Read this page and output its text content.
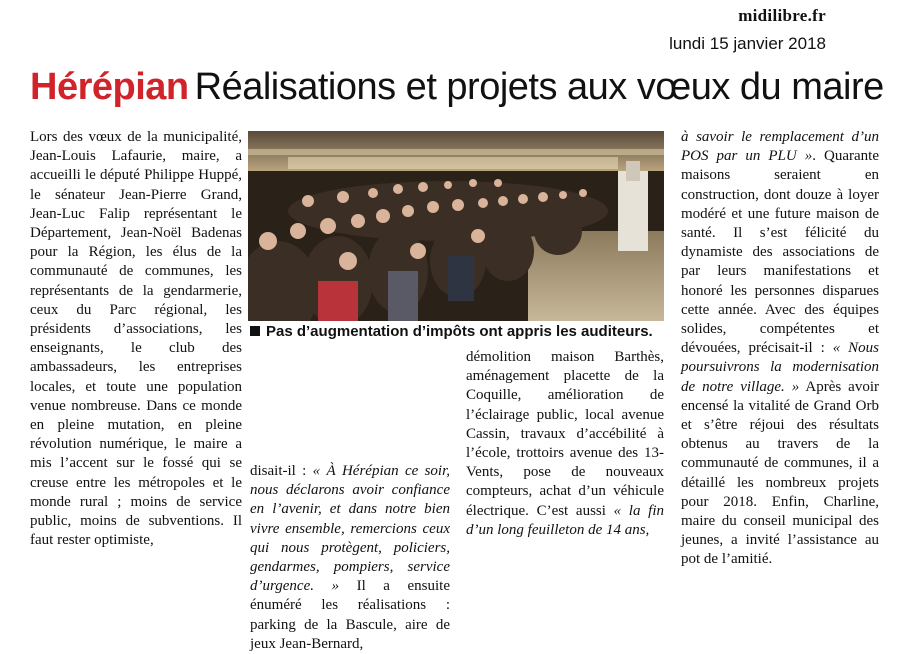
midilibre.fr
lundi 15 janvier 2018
Hérépian Réalisations et projets aux vœux du maire

Lors des vœux de la municipalité, Jean-Louis Lafaurie, maire, a accueilli le député Philippe Huppé, le sénateur Jean-Pierre Grand, Jean-Luc Falip représentant le Département, Jean-Noël Badenas pour la Région, les élus de la communauté de communes, les représentants de la gendarmerie, ceux du Parc régional, les présidents d’associations, les enseignants, le club des ambassadeurs, les entreprises locales, et toute une population venue nombreuse. Dans ce monde en pleine mutation, en pleine révolution numérique, le maire a mis l’accent sur le fossé qui se creuse entre les métropoles et le monde rural ; moins de service public, moins de subventions. Il faut rester optimiste,

Pas d’augmentation d’impôts ont appris les auditeurs.

disait-il : « À Hérépian ce soir, nous déclarons avoir confiance en l’avenir, et dans notre bien vivre ensemble, remercions ceux qui nous protègent, policiers, gendarmes, pompiers, service d’urgence. » Il a ensuite énuméré les réalisations : parking de la Bascule, aire de jeux Jean-Bernard,

démolition maison Barthès, aménagement placette de la Coquille, amélioration de l’éclairage public, local avenue Cassin, travaux d’accébilité à l’école, trottoirs avenue des 13-Vents, pose de nouveaux compteurs, achat d’un véhicule électrique. C’est aussi « la fin d’un long feuilleton de 14 ans,

à savoir le remplacement d’un POS par un PLU ». Quarante maisons seraient en construction, dont douze à loyer modéré et une future maison de santé. Il s’est félicité du dynamiste des associations de par leurs manifestations et honoré les personnes disparues cette année. Avec des équipes solides, compétentes et dévouées, précisait-il : « Nous poursuivrons la modernisation de notre village. » Après avoir encensé la vitalité de Grand Orb et s’être réjoui des résultats obtenus au travers de la communauté de communes, il a détaillé les nombreux projets pour 2018. Enfin, Charline, maire du conseil municipal des jeunes, a invité l’assistance au pot de l’amitié.
